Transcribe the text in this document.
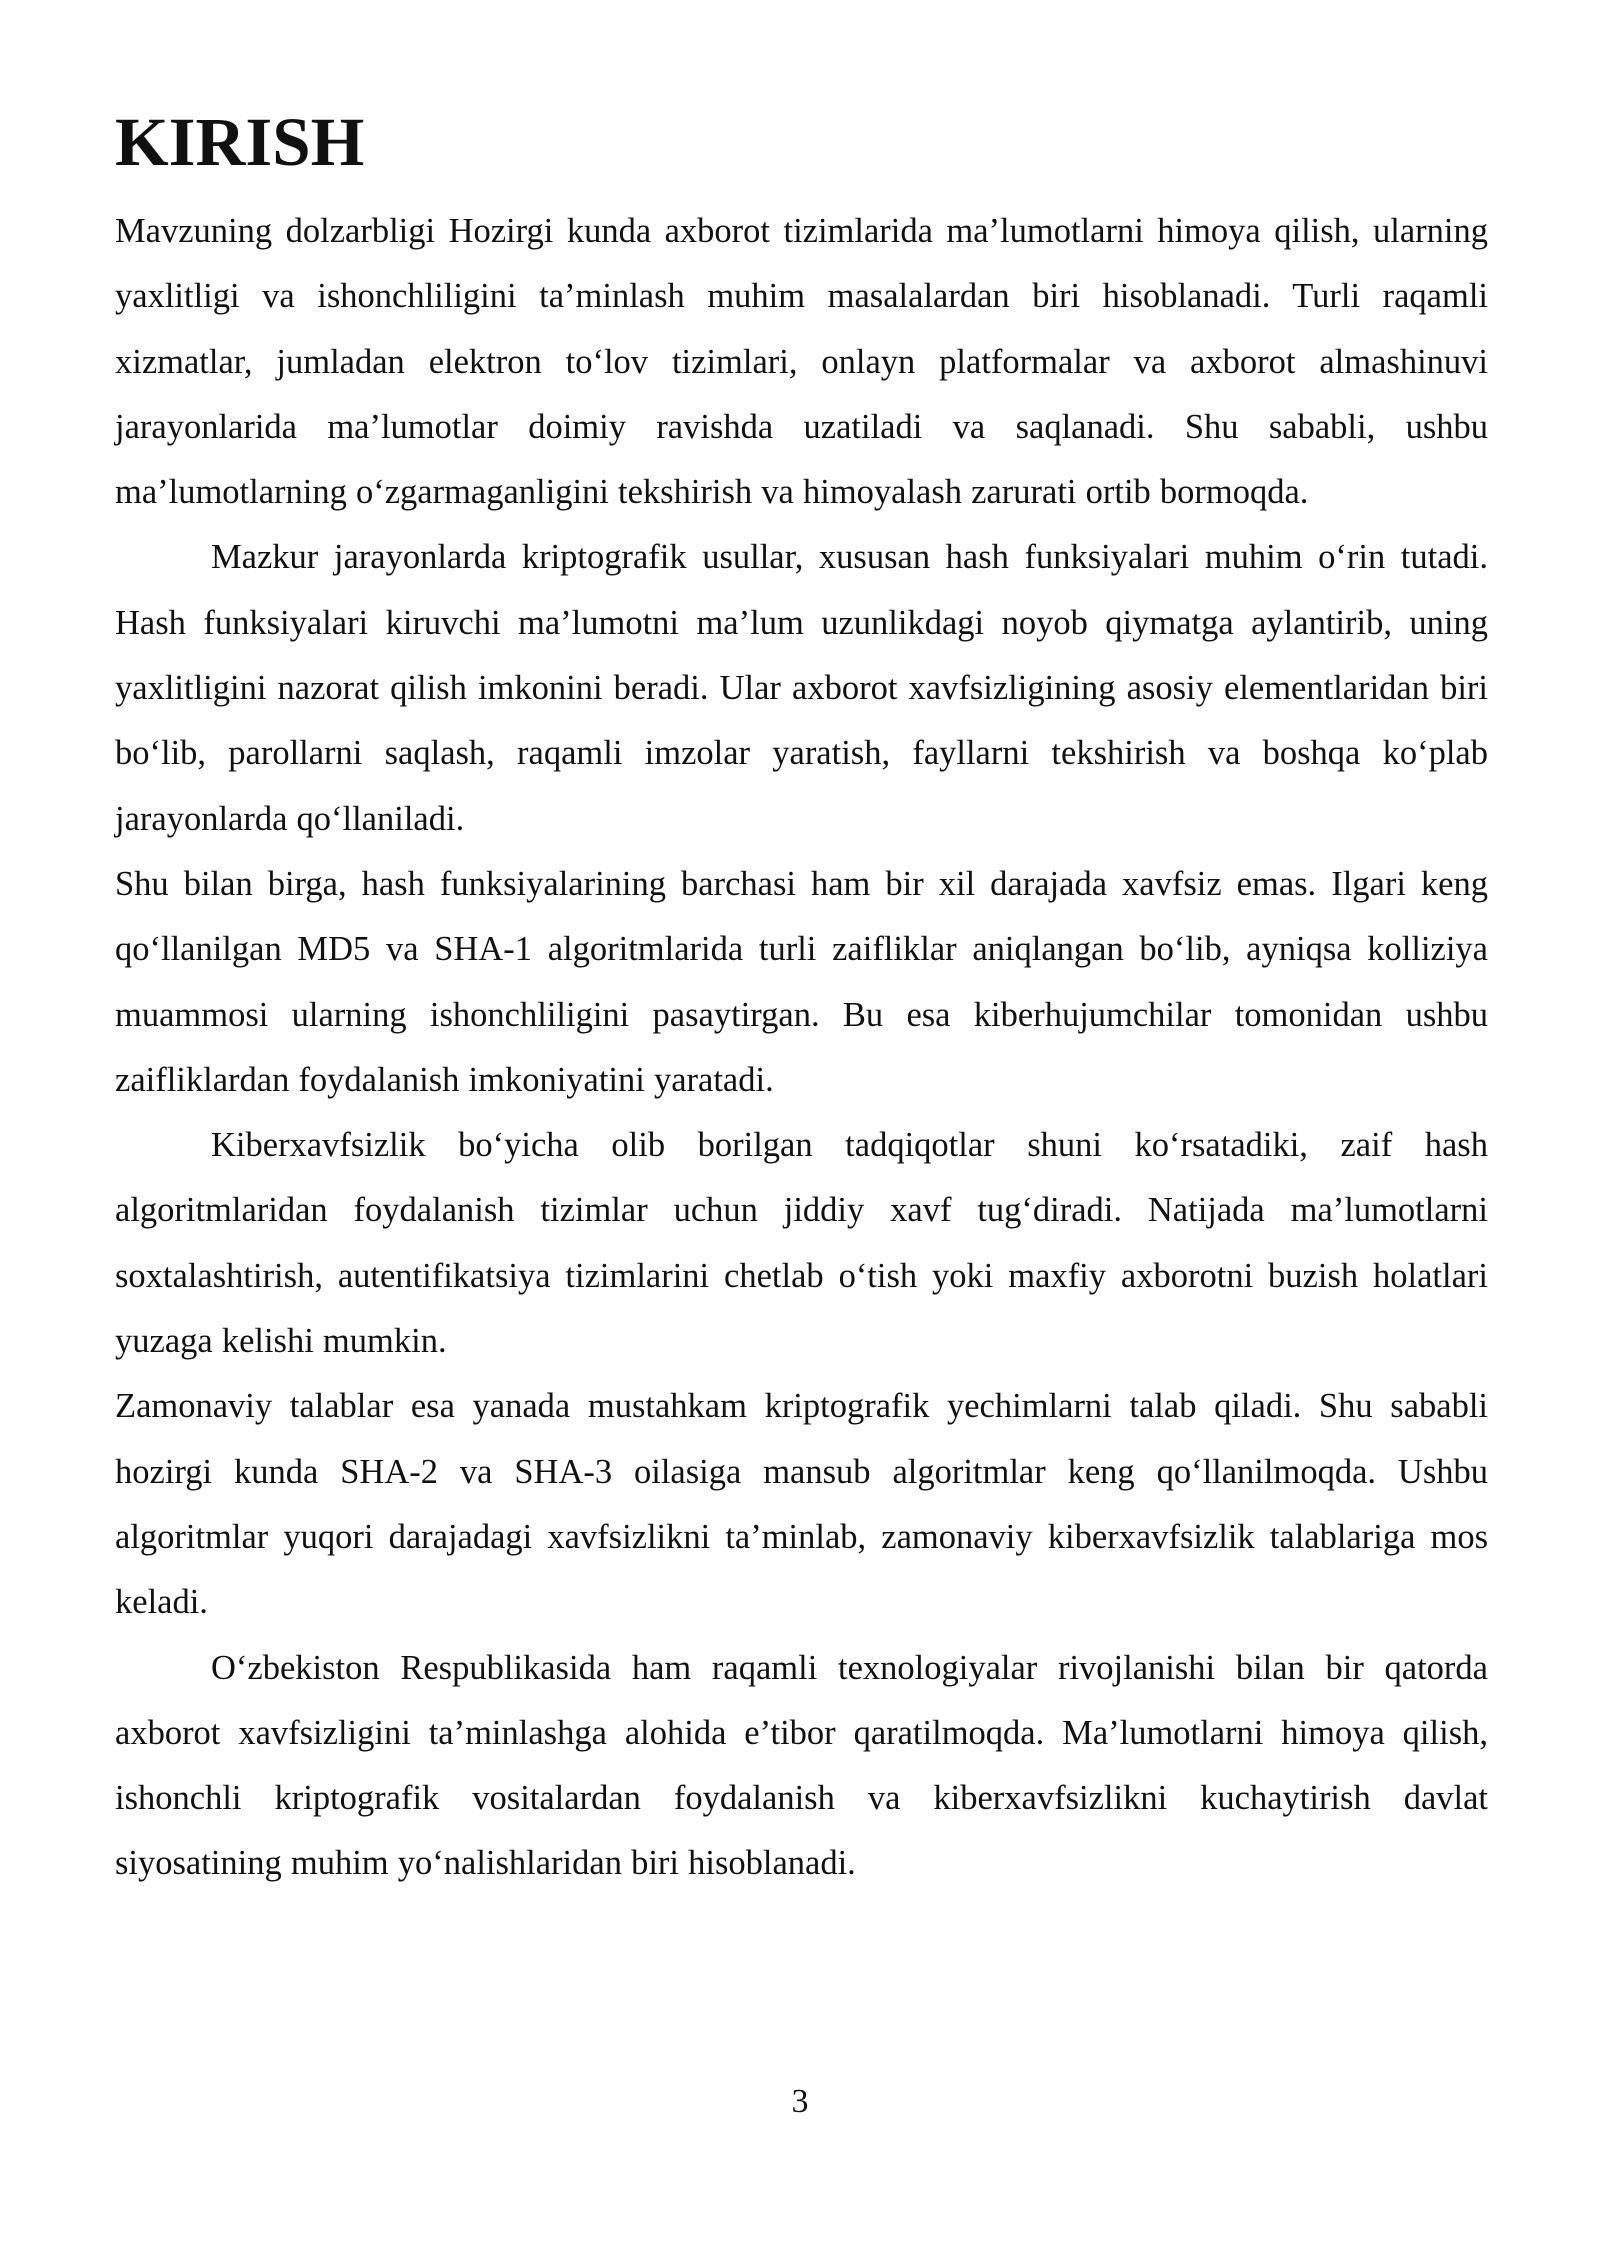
KIRISH

Mavzuning dolzarbligi Hozirgi kunda axborot tizimlarida ma’lumotlarni himoya qilish, ularning yaxlitligi va ishonchliligini ta’minlash muhim masalalardan biri hisoblanadi. Turli raqamli xizmatlar, jumladan elektron to‘lov tizimlari, onlayn platformalar va axborot almashinuvi jarayonlarida ma’lumotlar doimiy ravishda uzatiladi va saqlanadi. Shu sababli, ushbu ma’lumotlarning o‘zgarmaganligini tekshirish va himoyalash zarurati ortib bormoqda.

Mazkur jarayonlarda kriptografik usullar, xususan hash funksiyalari muhim o‘rin tutadi. Hash funksiyalari kiruvchi ma’lumotni ma’lum uzunlikdagi noyob qiymatga aylantirib, uning yaxlitligini nazorat qilish imkonini beradi. Ular axborot xavfsizligining asosiy elementlaridan biri bo‘lib, parollarni saqlash, raqamli imzolar yaratish, fayllarni tekshirish va boshqa ko‘plab jarayonlarda qo‘llaniladi.

Shu bilan birga, hash funksiyalarining barchasi ham bir xil darajada xavfsiz emas. Ilgari keng qo‘llanilgan MD5 va SHA-1 algoritmlarida turli zaifliklar aniqlangan bo‘lib, ayniqsa kolliziya muammosi ularning ishonchliligini pasaytirgan. Bu esa kiberhujumchilar tomonidan ushbu zaifliklardan foydalanish imkoniyatini yaratadi.

Kiberxavfsizlik bo‘yicha olib borilgan tadqiqotlar shuni ko‘rsatadiki, zaif hash algoritmlaridan foydalanish tizimlar uchun jiddiy xavf tug‘diradi. Natijada ma’lumotlarni soxtalashtirish, autentifikatsiya tizimlarini chetlab o‘tish yoki maxfiy axborotni buzish holatlari yuzaga kelishi mumkin.

Zamonaviy talablar esa yanada mustahkam kriptografik yechimlarni talab qiladi. Shu sababli hozirgi kunda SHA-2 va SHA-3 oilasiga mansub algoritmlar keng qo‘llanilmoqda. Ushbu algoritmlar yuqori darajadagi xavfsizlikni ta’minlab, zamonaviy kiberxavfsizlik talablariga mos keladi.

O‘zbekiston Respublikasida ham raqamli texnologiyalar rivojlanishi bilan bir qatorda axborot xavfsizligini ta’minlashga alohida e’tibor qaratilmoqda. Ma’lumotlarni himoya qilish, ishonchli kriptografik vositalardan foydalanish va kiberxavfsizlikni kuchaytirish davlat siyosatining muhim yo‘nalishlaridan biri hisoblanadi.

3
